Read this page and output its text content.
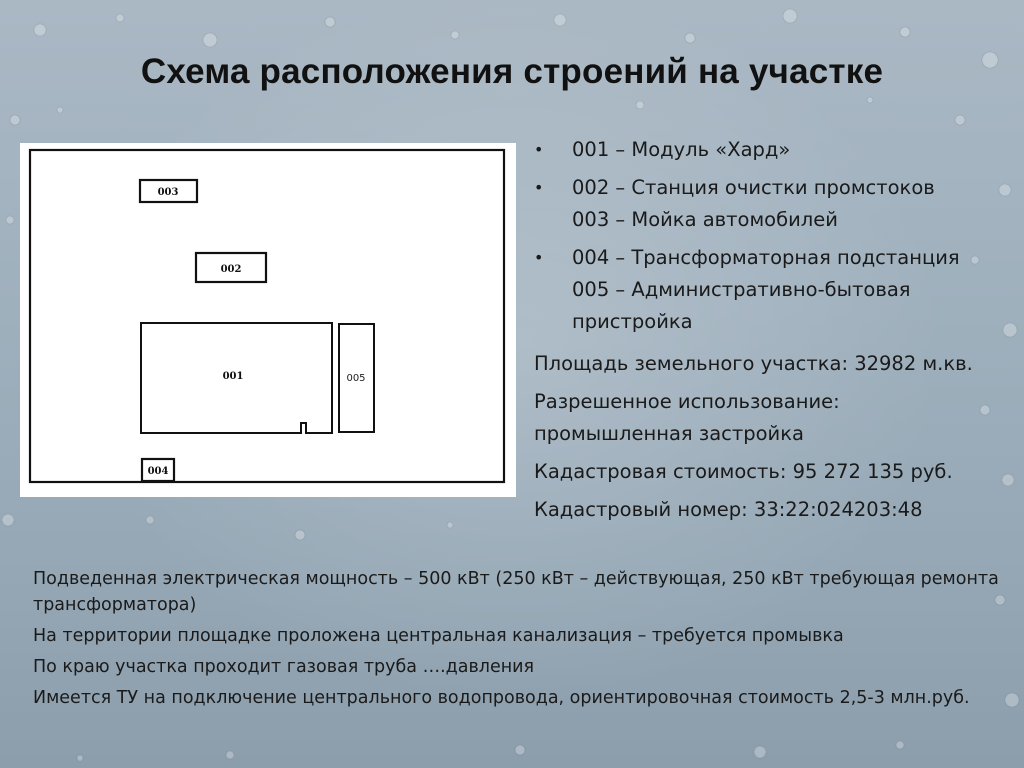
Схема расположения строений на участке
003
002
001	005
004
• 001 – Модуль «Хард»
• 002 – Станция очистки промстоков
003 – Мойка автомобилей
• 004 – Трансформаторная подстанция
005 – Административно-бытовая
пристройка

Площадь земельного участка: 32982 м.кв.

Разрешенное использование: промышленная застройка

Кадастровая стоимость: 95 272 135 руб.

Кадастровый номер: 33:22:024203:48

Подведенная электрическая мощность – 500 кВт (250 кВт – действующая, 250 кВт требующая ремонта трансформатора)

На территории площадке проложена центральная канализация – требуется промывка

По краю участка проходит газовая труба ….давления

Имеется ТУ на подключение центрального водопровода, ориентировочная стоимость 2,5-3 млн.руб.
